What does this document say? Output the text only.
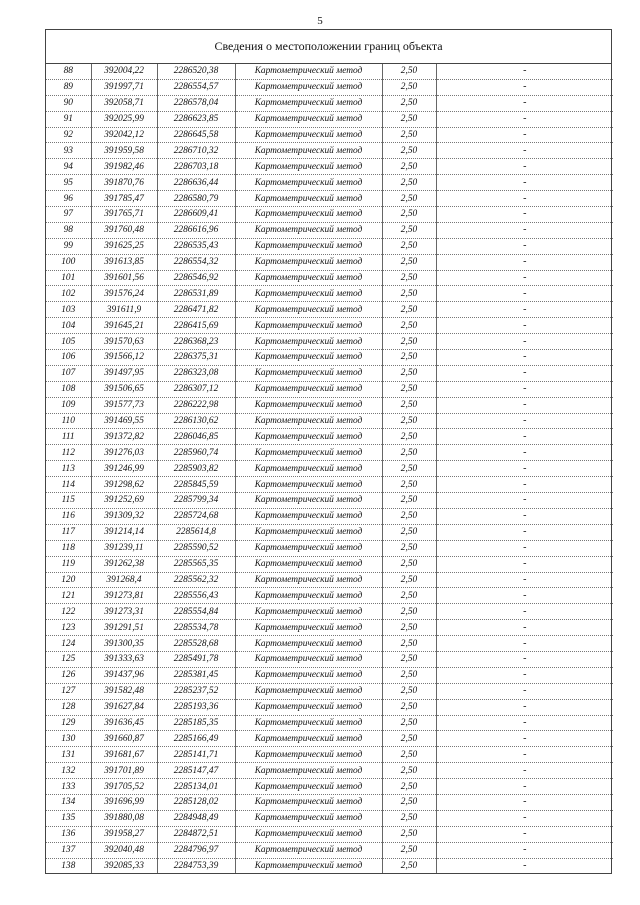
5
Сведения о местоположении границ объекта
88	392004,22	2286520,38	Картометрический метод	2,50	-
89	391997,71	2286554,57	Картометрический метод	2,50	-
90	392058,71	2286578,04	Картометрический метод	2,50	-
91	392025,99	2286623,85	Картометрический метод	2,50	-
92	392042,12	2286645,58	Картометрический метод	2,50	-
93	391959,58	2286710,32	Картометрический метод	2,50	-
94	391982,46	2286703,18	Картометрический метод	2,50	-
95	391870,76	2286636,44	Картометрический метод	2,50	-
96	391785,47	2286580,79	Картометрический метод	2,50	-
97	391765,71	2286609,41	Картометрический метод	2,50	-
98	391760,48	2286616,96	Картометрический метод	2,50	-
99	391625,25	2286535,43	Картометрический метод	2,50	-
100	391613,85	2286554,32	Картометрический метод	2,50	-
101	391601,56	2286546,92	Картометрический метод	2,50	-
102	391576,24	2286531,89	Картометрический метод	2,50	-
103	391611,9	2286471,82	Картометрический метод	2,50	-
104	391645,21	2286415,69	Картометрический метод	2,50	-
105	391570,63	2286368,23	Картометрический метод	2,50	-
106	391566,12	2286375,31	Картометрический метод	2,50	-
107	391497,95	2286323,08	Картометрический метод	2,50	-
108	391506,65	2286307,12	Картометрический метод	2,50	-
109	391577,73	2286222,98	Картометрический метод	2,50	-
110	391469,55	2286130,62	Картометрический метод	2,50	-
111	391372,82	2286046,85	Картометрический метод	2,50	-
112	391276,03	2285960,74	Картометрический метод	2,50	-
113	391246,99	2285903,82	Картометрический метод	2,50	-
114	391298,62	2285845,59	Картометрический метод	2,50	-
115	391252,69	2285799,34	Картометрический метод	2,50	-
116	391309,32	2285724,68	Картометрический метод	2,50	-
117	391214,14	2285614,8	Картометрический метод	2,50	-
118	391239,11	2285590,52	Картометрический метод	2,50	-
119	391262,38	2285565,35	Картометрический метод	2,50	-
120	391268,4	2285562,32	Картометрический метод	2,50	-
121	391273,81	2285556,43	Картометрический метод	2,50	-
122	391273,31	2285554,84	Картометрический метод	2,50	-
123	391291,51	2285534,78	Картометрический метод	2,50	-
124	391300,35	2285528,68	Картометрический метод	2,50	-
125	391333,63	2285491,78	Картометрический метод	2,50	-
126	391437,96	2285381,45	Картометрический метод	2,50	-
127	391582,48	2285237,52	Картометрический метод	2,50	-
128	391627,84	2285193,36	Картометрический метод	2,50	-
129	391636,45	2285185,35	Картометрический метод	2,50	-
130	391660,87	2285166,49	Картометрический метод	2,50	-
131	391681,67	2285141,71	Картометрический метод	2,50	-
132	391701,89	2285147,47	Картометрический метод	2,50	-
133	391705,52	2285134,01	Картометрический метод	2,50	-
134	391696,99	2285128,02	Картометрический метод	2,50	-
135	391880,08	2284948,49	Картометрический метод	2,50	-
136	391958,27	2284872,51	Картометрический метод	2,50	-
137	392040,48	2284796,97	Картометрический метод	2,50	-
138	392085,33	2284753,39	Картометрический метод	2,50	-
